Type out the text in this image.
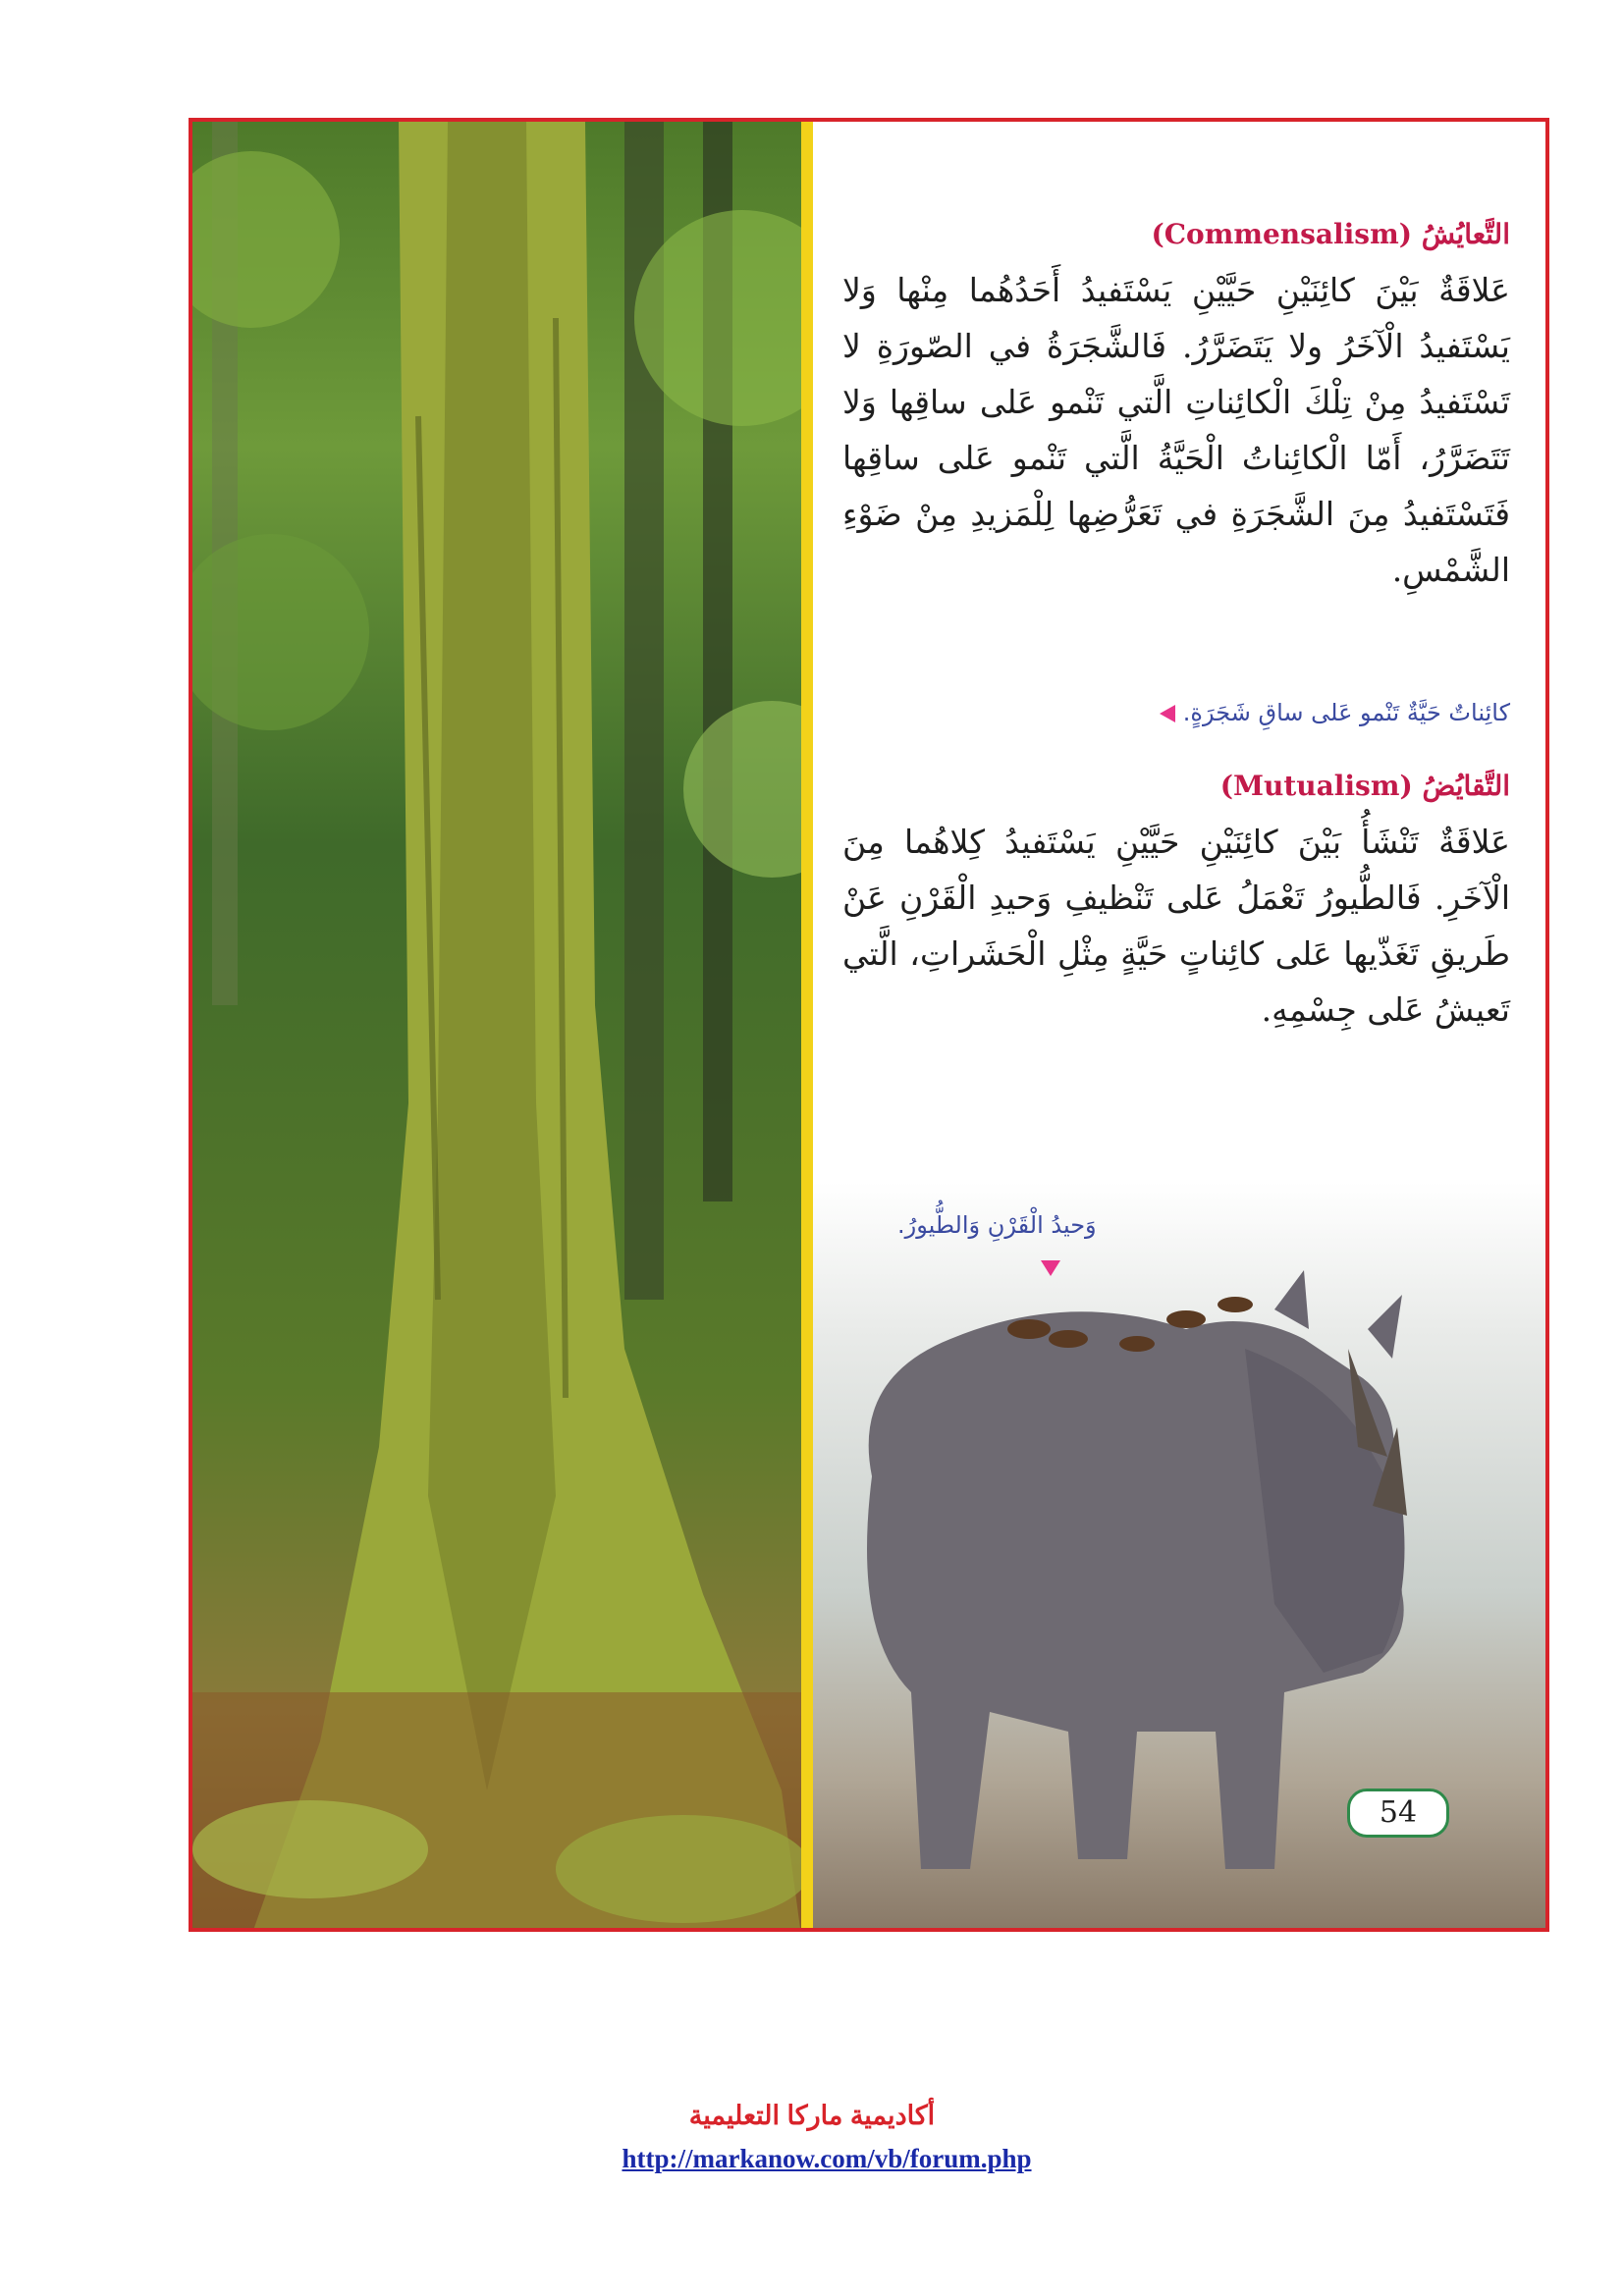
التَّعايُشُ (Commensalism)

عَلاقَةٌ بَيْنَ كائِنَيْنِ حَيَّيْنِ يَسْتَفيدُ أَحَدُهُما مِنْها وَلا يَسْتَفيدُ الْآخَرُ ولا يَتَضَرَّرُ. فَالشَّجَرَةُ في الصّورَةِ لا تَسْتَفيدُ مِنْ تِلْكَ الْكائِناتِ الَّتي تَنْمو عَلى ساقِها وَلا تَتَضَرَّرُ، أَمّا الْكائِناتُ الْحَيَّةُ الَّتي تَنْمو عَلى ساقِها فَتَسْتَفيدُ مِنَ الشَّجَرَةِ في تَعَرُّضِها لِلْمَزيدِ مِنْ ضَوْءِ الشَّمْسِ.

كائِناتٌ حَيَّةٌ تَنْمو عَلى ساقِ شَجَرَةٍ.
التَّقايُضُ (Mutualism)

عَلاقَةٌ تَنْشَأُ بَيْنَ كائِنَيْنِ حَيَّيْنِ يَسْتَفيدُ كِلاهُما مِنَ الْآخَرِ. فَالطُّيورُ تَعْمَلُ عَلى تَنْظيفِ وَحيدِ الْقَرْنِ عَنْ طَريقِ تَغَذّيها عَلى كائِناتٍ حَيَّةٍ مِثْلِ الْحَشَراتِ، الَّتي تَعيشُ عَلى جِسْمِهِ.

وَحيدُ الْقَرْنِ وَالطُّيورُ.
54
أكاديمية ماركا التعليمية
http://markanow.com/vb/forum.php
